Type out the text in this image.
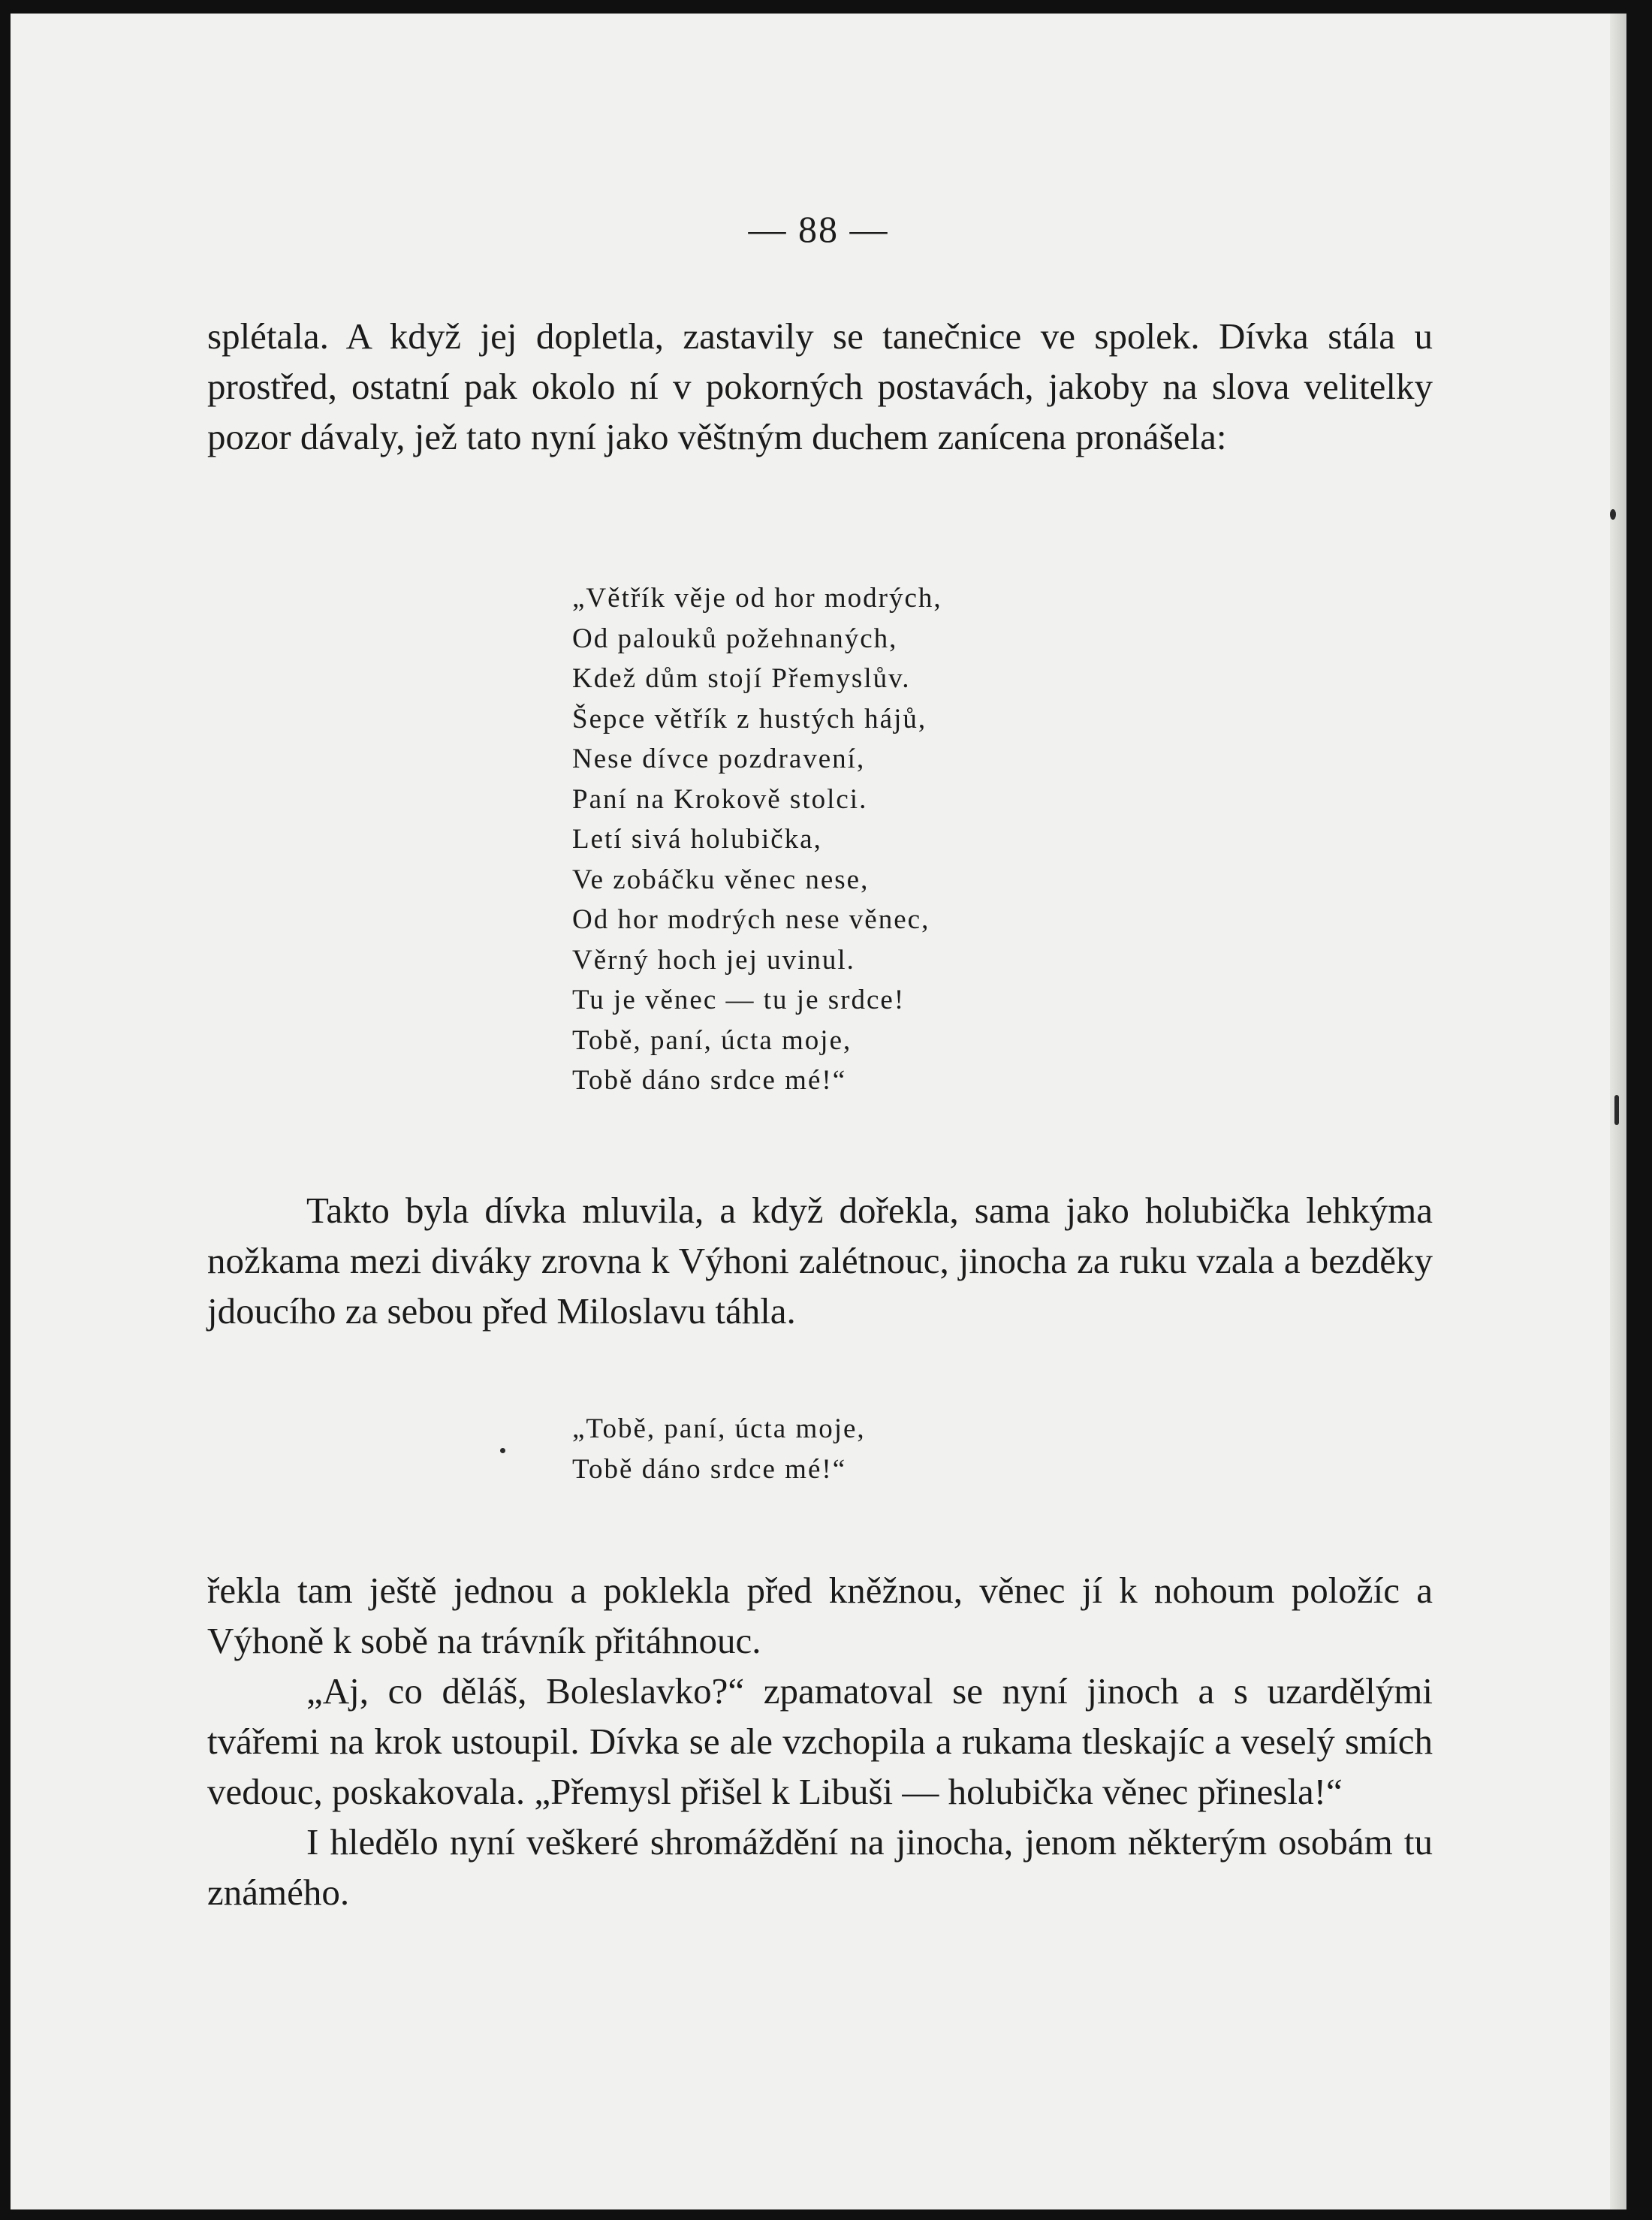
— 88 —

splétala. A když jej dopletla, zastavily se tanečnice ve spolek. Dívka stála u prostřed, ostatní pak okolo ní v pokorných postavách, jakoby na slova velitelky pozor dávaly, jež tato nyní jako věštným duchem zanícena pronášela:

„Větřík věje od hor modrých,
Od palouků požehnaných,
Kdež dům stojí Přemyslův.
Šepce větřík z hustých hájů,
Nese dívce pozdravení,
Paní na Krokově stolci.
Letí sivá holubička,
Ve zobáčku věnec nese,
Od hor modrých nese věnec,
Věrný hoch jej uvinul.
Tu je věnec — tu je srdce!
Tobě, paní, úcta moje,
Tobě dáno srdce mé!“

Takto byla dívka mluvila, a když dořekla, sama jako holubička lehkýma nožkama mezi diváky zrovna k Výhoni zalétnouc, jinocha za ruku vzala a bezděky jdoucího za sebou před Miloslavu táhla.

„Tobě, paní, úcta moje,
Tobě dáno srdce mé!“

řekla tam ještě jednou a poklekla před kněžnou, věnec jí k nohoum položíc a Výhoně k sobě na trávník přitáhnouc.

„Aj, co děláš, Boleslavko?“ zpamatoval se nyní jinoch a s uzardělými tvářemi na krok ustoupil. Dívka se ale vzchopila a rukama tleskajíc a veselý smích vedouc, poskakovala. „Přemysl přišel k Libuši — holubička věnec přinesla!“

I hledělo nyní veškeré shromáždění na jinocha, jenom některým osobám tu známého.
